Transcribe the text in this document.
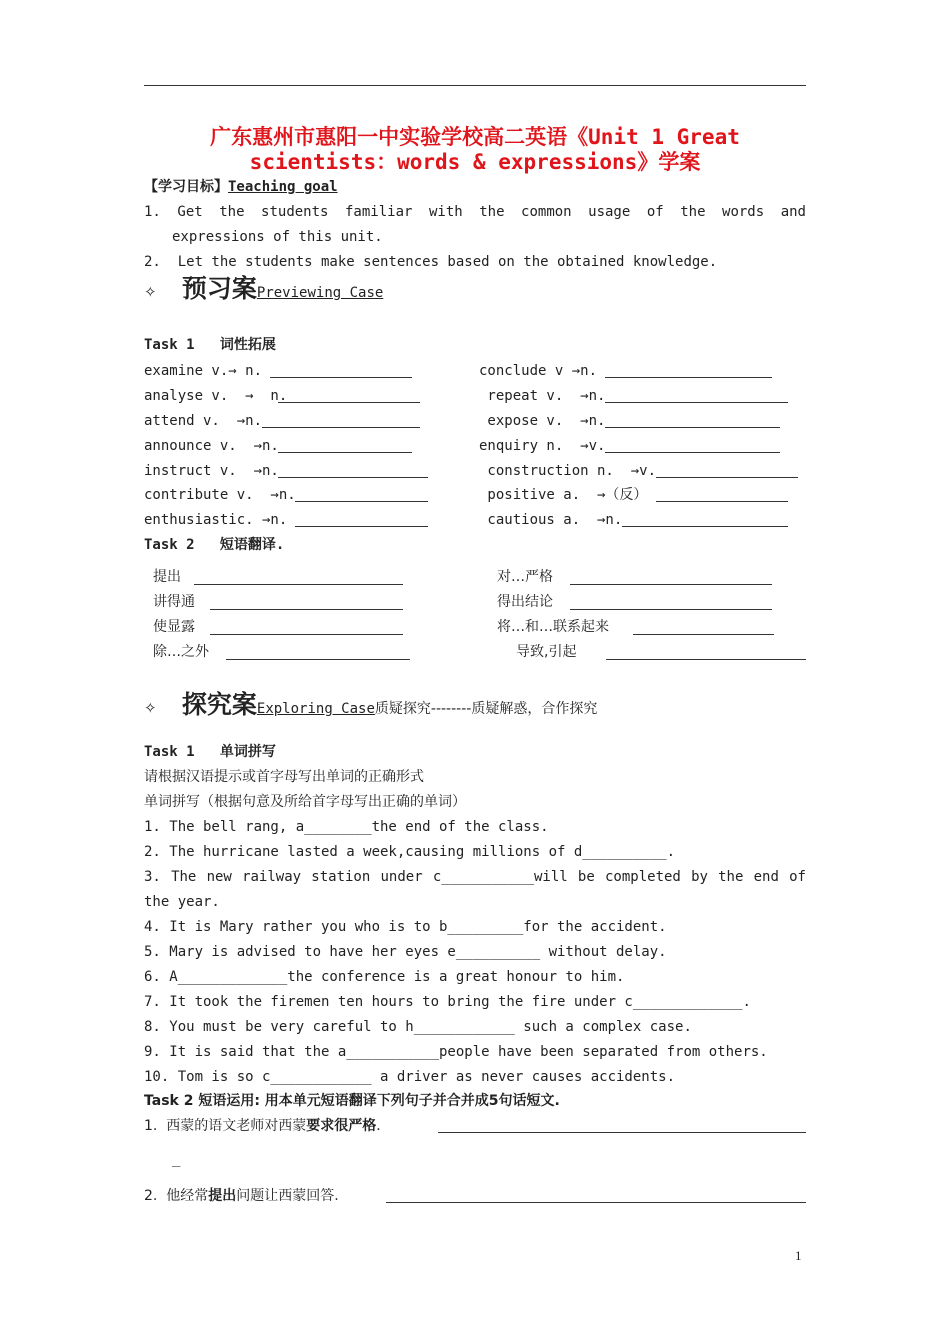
广东惠州市惠阳一中实验学校高二英语《Unit 1 Great
scientists：words & expressions》学案
【学习目标】Teaching goal
1. Get the students familiar with the common usage of the words and
expressions of this unit.
2.  Let the students make sentences based on the obtained knowledge.
✧ 预习案Previewing Case
Task 1   词性拓展
examine v.→ n.
analyse v.  →  n.
attend v.  →n.
announce v.  →n.
instruct v.  →n.
contribute v.  →n.
enthusiastic. →n.
conclude v →n.
repeat v.  →n.
expose v.  →n.
enquiry n.  →v.
construction n.  →v.
positive a.  →（反）
cautious a.  →n.
Task 2   短语翻译.
提出
讲得通
使显露
除…之外
对…严格
得出结论
将…和…联系起来
导致,引起
✧ 探究案Exploring Case质疑探究--------质疑解惑，合作探究
Task 1   单词拼写
请根据汉语提示或首字母写出单词的正确形式
单词拼写（根据句意及所给首字母写出正确的单词）
1. The bell rang, a________the end of the class.
2. The hurricane lasted a week,causing millions of d__________.
3. The new railway station under c___________will be completed by the end of
the year.
4. It is Mary rather you who is to b_________for the accident.
5. Mary is advised to have her eyes e__________ without delay.
6. A_____________the conference is a great honour to him.
7. It took the firemen ten hours to bring the fire under c_____________.
8. You must be very careful to h____________ such a complex case.
9. It is said that the a___________people have been separated from others.
10. Tom is so c____________ a driver as never causes accidents.
Task 2 短语运用: 用本单元短语翻译下列句子并合并成5句话短文.
1.  西蒙的语文老师对西蒙要求很严格.
_
2.  他经常提出问题让西蒙回答.
1
